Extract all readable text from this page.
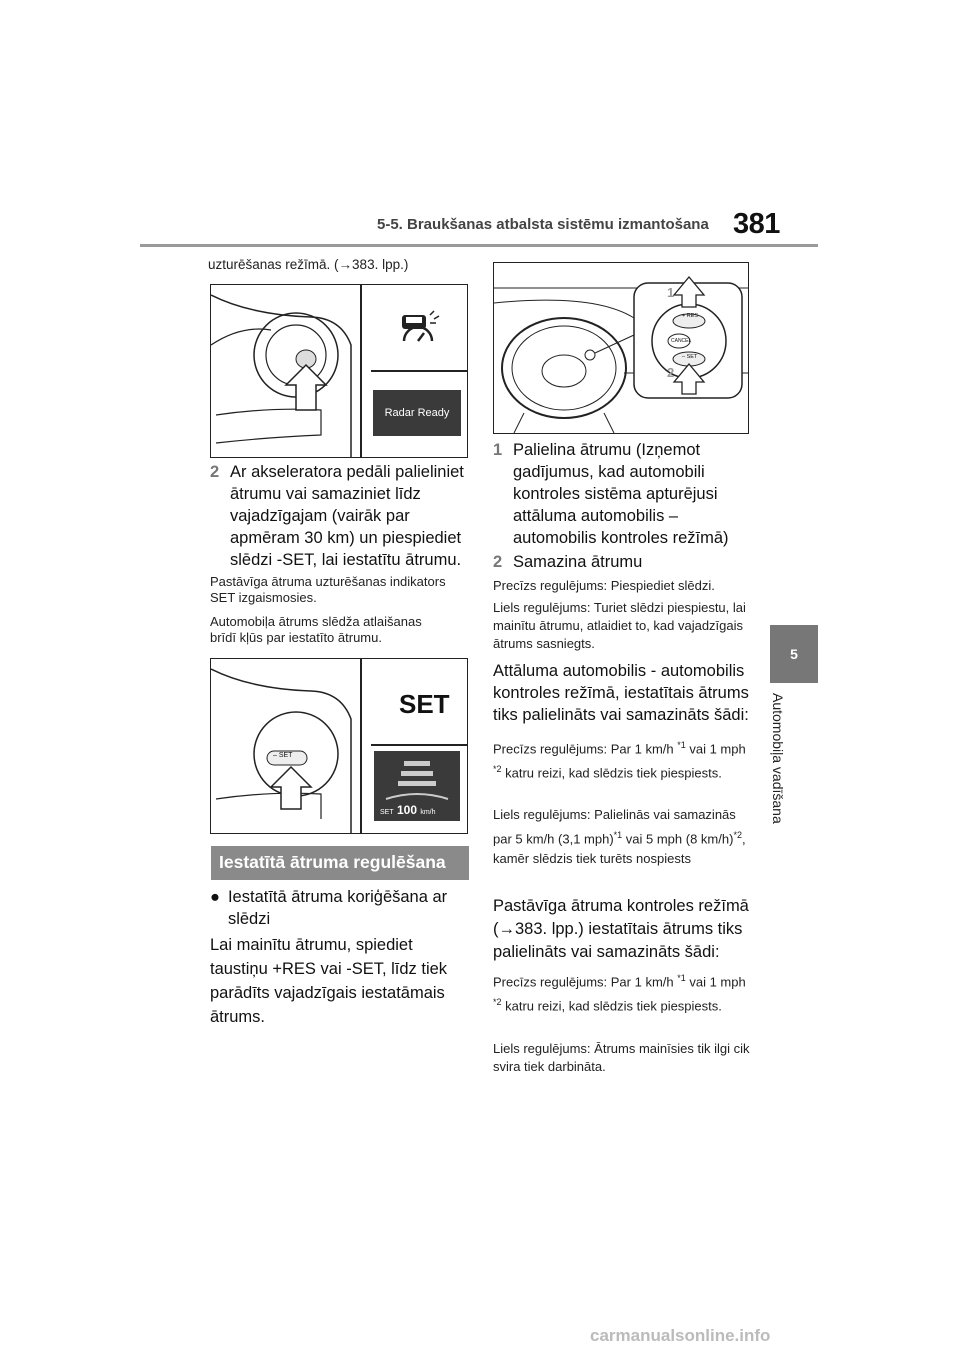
5-5. Braukšanas atbalsta sistēmu izmantošana 381
5
Automobiļa vadīšana
uzturēšanas režīmā. (→383. lpp.)
Radar Ready
2 Ar akseleratora pedāli palieliniet ātrumu vai samaziniet līdz vajadzīgajam (vairāk par apmēram 30 km) un piespiediet slēdzi -SET, lai iestatītu ātrumu.
Pastāvīga ātruma uzturēšanas indikators SET izgaismosies.
Automobiļa ātrums slēdža atlaišanas brīdī kļūs par iestatīto ātrumu.
– SET
SET
SET 100 km/h
Iestatītā ātruma regulēšana
● Iestatītā ātruma koriģēšana ar slēdzi
Lai mainītu ātrumu, spiediet taustiņu +RES vai -SET, līdz tiek parādīts vajadzīgais iestatāmais ātrums.
+ RES
CANCEL
– SET
1
2
1 Palielina ātrumu (Izņemot gadījumus, kad automobili kontroles sistēma apturējusi attāluma automobilis – automobilis kontroles režīmā)
2 Samazina ātrumu
Precīzs regulējums: Piespiediet slēdzi.
Liels regulējums: Turiet slēdzi piespiestu, lai mainītu ātrumu, atlaidiet to, kad vajadzīgais ātrums sasniegts.
Attāluma automobilis - automobilis kontroles režīmā, iestatītais ātrums tiks palielināts vai samazināts šādi:
Precīzs regulējums: Par 1 km/h $^{*1}$ vai 1 mph $^{*2}$ katru reizi, kad slēdzis tiek piespiests.
Liels regulējums: Palielinās vai samazinās par 5 km/h (3,1 mph)$^{*1}$ vai 5 mph (8 km/h)$^{*2}$, kamēr slēdzis tiek turēts nospiests
Pastāvīga ātruma kontroles režīmā (→383. lpp.) iestatītais ātrums tiks palielināts vai samazināts šādi:
Precīzs regulējums: Par 1 km/h $^{*1}$ vai 1 mph $^{*2}$ katru reizi, kad slēdzis tiek piespiests.
Liels regulējums: Ātrums mainīsies tik ilgi cik svira tiek darbināta.
carmanualsonline.info
